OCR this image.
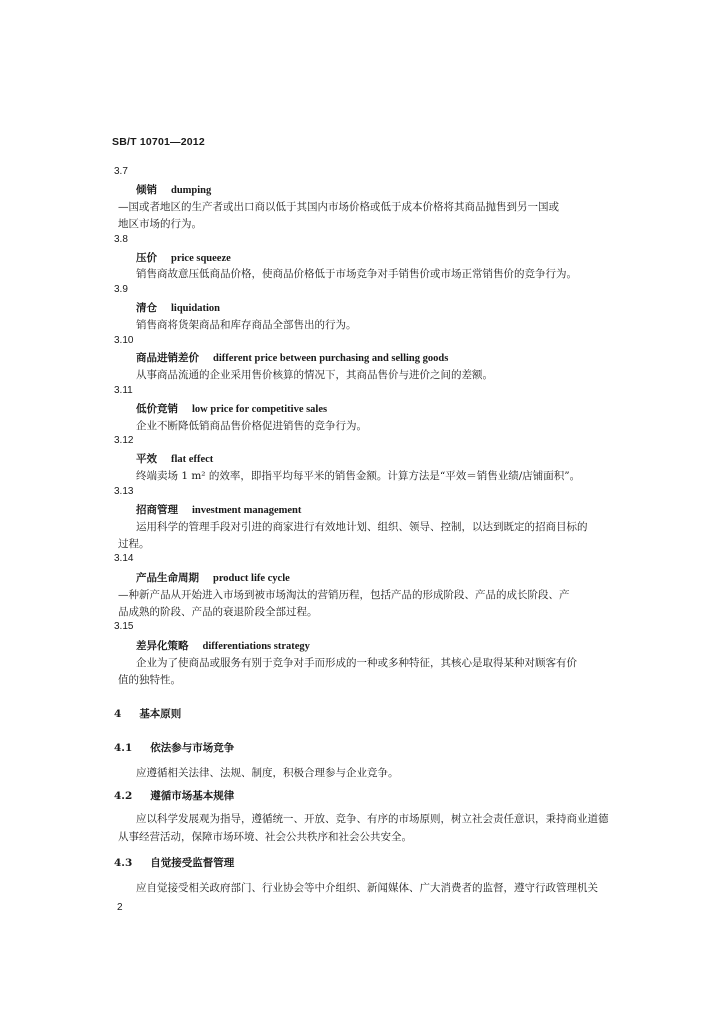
SB/T 10701—2012
3.7
倾销 dumping
—国或者地区的生产者或出口商以低于其国内市场价格或低于成本价格将其商品抛售到另一国或
地区市场的行为。
3.8
压价 price squeeze
销售商故意压低商品价格，使商品价格低于市场竞争对手销售价或市场正常销售价的竞争行为。
3.9
清仓 liquidation
销售商将货架商品和库存商品全部售出的行为。
3.10
商品进销差价 different price between purchasing and selling goods
从事商品流通的企业采用售价核算的情况下，其商品售价与进价之间的差额。
3.11
低价竞销 low price for competitive sales
企业不断降低销商品售价格促进销售的竞争行为。
3.12
平效 flat effect
终端卖场 1 m² 的效率，即指平均每平米的销售金额。计算方法是“平效＝销售业绩/店铺面积”。
3.13
招商管理 investment management
运用科学的管理手段对引进的商家进行有效地计划、组织、领导、控制，以达到既定的招商目标的
过程。
3.14
产品生命周期 product life cycle
—种新产品从开始进入市场到被市场淘汰的营销历程，包括产品的形成阶段、产品的成长阶段、产
品成熟的阶段、产品的衰退阶段全部过程。
3.15
差异化策略 differentiations strategy
企业为了使商品或服务有别于竞争对手而形成的一种或多种特征，其核心是取得某种对顾客有价
值的独特性。
4 基本原则
4.1 依法参与市场竞争
应遵循相关法律、法规、制度，积极合理参与企业竞争。
4.2 遵循市场基本规律
应以科学发展观为指导，遵循统一、开放、竞争、有序的市场原则，树立社会责任意识，秉持商业道德
从事经营活动，保障市场环境、社会公共秩序和社会公共安全。
4.3 自觉接受监督管理
应自觉接受相关政府部门、行业协会等中介组织、新闻媒体、广大消费者的监督，遵守行政管理机关
2
